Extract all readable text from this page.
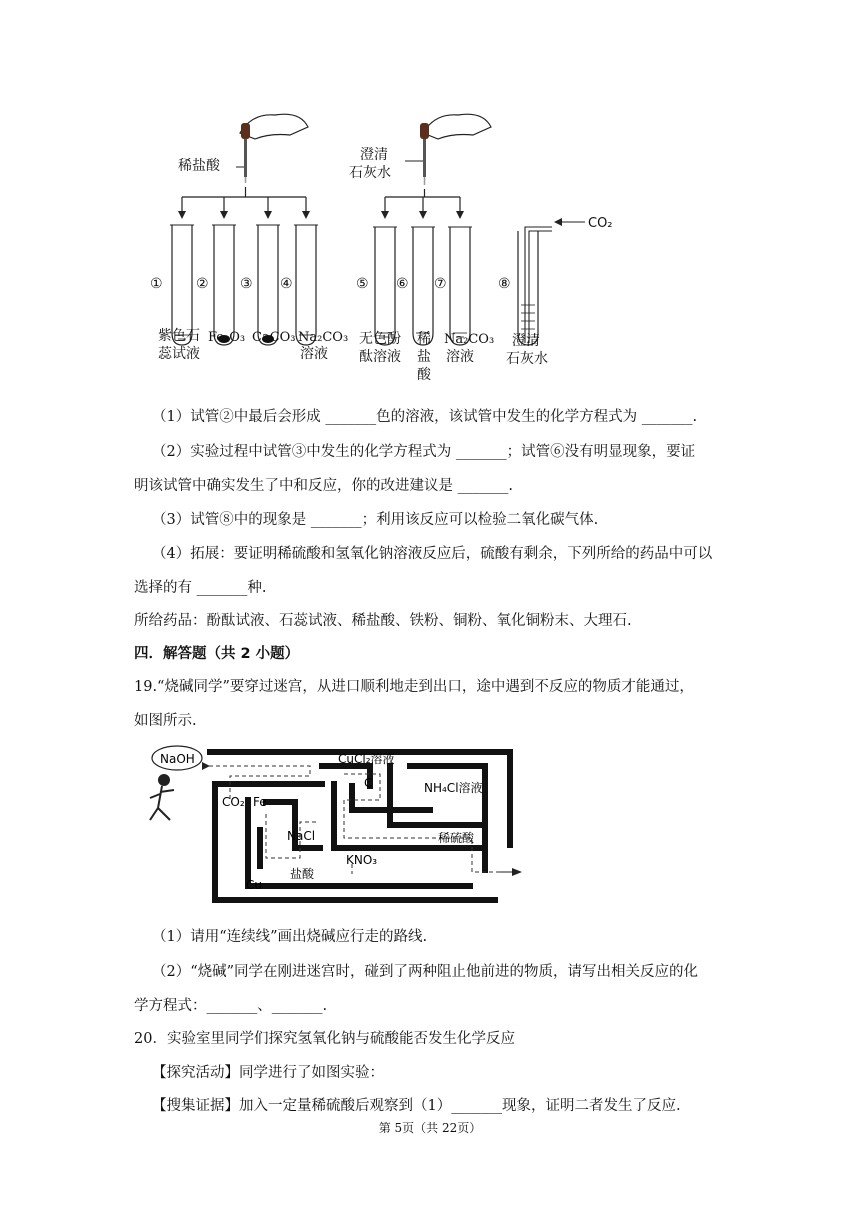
CO₂
稀盐酸
澄清
石灰水
① ② ③ ④	⑤ ⑥ ⑦	⑧
紫色石
蕊试液
Fe₂O₃ CaCO₃ Na₂CO₃
溶液
无色酚
酞溶液
稀
盐
酸
Na₂CO₃
溶液
澄清
石灰水
（1）试管②中最后会形成 _______色的溶液，该试管中发生的化学方程式为 _______.
（2）实验过程中试管③中发生的化学方程式为 _______；试管⑥没有明显现象，要证
明该试管中确实发生了中和反应，你的改进建议是 _______.
（3）试管⑧中的现象是 _______；利用该反应可以检验二氧化碳气体.
（4）拓展：要证明稀硫酸和氢氧化钠溶液反应后，硫酸有剩余，下列所给的药品中可以
选择的有 _______种.
所给药品：酚酞试液、石蕊试液、稀盐酸、铁粉、铜粉、氧化铜粉末、大理石.
四．解答题（共 2 小题）
19.“烧碱同学”要穿过迷宫，从进口顺利地走到出口，途中遇到不反应的物质才能通过，
如图所示.
NaOH	CuCl₂溶液
C	NH₄Cl溶液
CO₂ Fe
NaCl	稀硫酸
KNO₃
盐酸
Cu
（1）请用“连续线”画出烧碱应行走的路线.
（2）“烧碱”同学在刚进迷宫时，碰到了两种阻止他前进的物质，请写出相关反应的化
学方程式：_______、_______.
20．实验室里同学们探究氢氧化钠与硫酸能否发生化学反应
【探究活动】同学进行了如图实验：
【搜集证据】加入一定量稀硫酸后观察到（1）_______现象，证明二者发生了反应.
第 5页（共 22页）
